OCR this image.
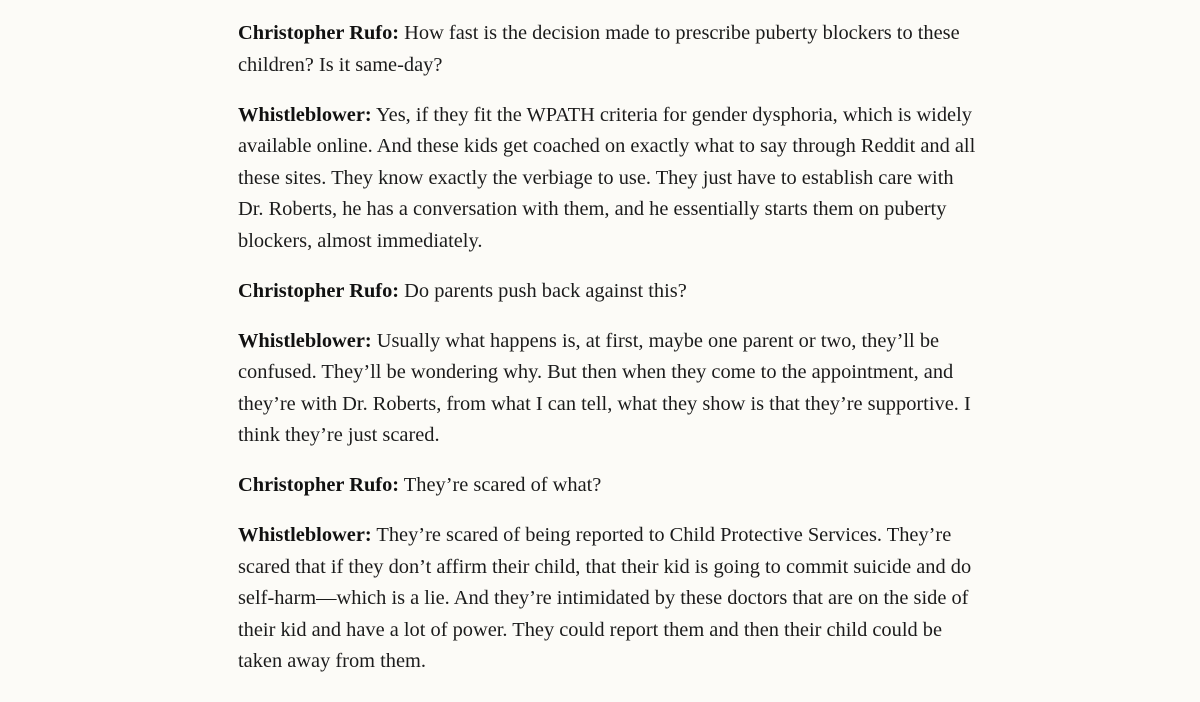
Christopher Rufo: How fast is the decision made to prescribe puberty blockers to these children? Is it same-day?

Whistleblower: Yes, if they fit the WPATH criteria for gender dysphoria, which is widely available online. And these kids get coached on exactly what to say through Reddit and all these sites. They know exactly the verbiage to use. They just have to establish care with Dr. Roberts, he has a conversation with them, and he essentially starts them on puberty blockers, almost immediately.

Christopher Rufo: Do parents push back against this?

Whistleblower: Usually what happens is, at first, maybe one parent or two, they’ll be confused. They’ll be wondering why. But then when they come to the appointment, and they’re with Dr. Roberts, from what I can tell, what they show is that they’re supportive. I think they’re just scared.

Christopher Rufo: They’re scared of what?

Whistleblower: They’re scared of being reported to Child Protective Services. They’re scared that if they don’t affirm their child, that their kid is going to commit suicide and do self-harm—which is a lie. And they’re intimidated by these doctors that are on the side of their kid and have a lot of power. They could report them and then their child could be taken away from them.
